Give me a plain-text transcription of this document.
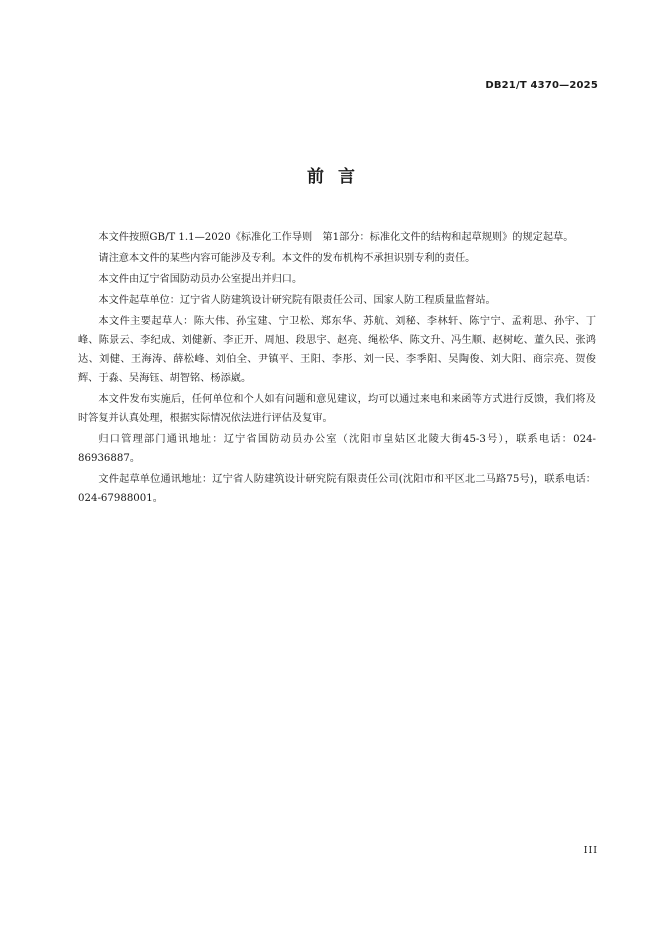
DB21/T 4370—2025
前言

本文件按照GB/T 1.1—2020《标准化工作导则　第1部分：标准化文件的结构和起草规则》的规定起草。

请注意本文件的某些内容可能涉及专利。本文件的发布机构不承担识别专利的责任。

本文件由辽宁省国防动员办公室提出并归口。

本文件起草单位：辽宁省人防建筑设计研究院有限责任公司、国家人防工程质量监督站。

本文件主要起草人：陈大伟、孙宝建、宁卫松、郑东华、苏航、刘秘、李林轩、陈宁宁、孟莉思、孙宇、丁峰、陈景云、李纪成、刘健新、李正开、周旭、段思宇、赵亮、绳松华、陈文升、冯生顺、赵树屹、董久民、张鸿达、刘健、王海涛、薛松峰、刘伯全、尹镇平、王阳、李彤、刘一民、李季阳、吴陶俊、刘大阳、商宗亮、贺俊辉、于淼、吴海钰、胡智铭、杨添崴。

本文件发布实施后，任何单位和个人如有问题和意见建议，均可以通过来电和来函等方式进行反馈，我们将及时答复并认真处理，根据实际情况依法进行评估及复审。

归口管理部门通讯地址：辽宁省国防动员办公室（沈阳市皇姑区北陵大街45-3号），联系电话：024-86936887。

文件起草单位通讯地址：辽宁省人防建筑设计研究院有限责任公司(沈阳市和平区北二马路75号)，联系电话：024-67988001。

III
